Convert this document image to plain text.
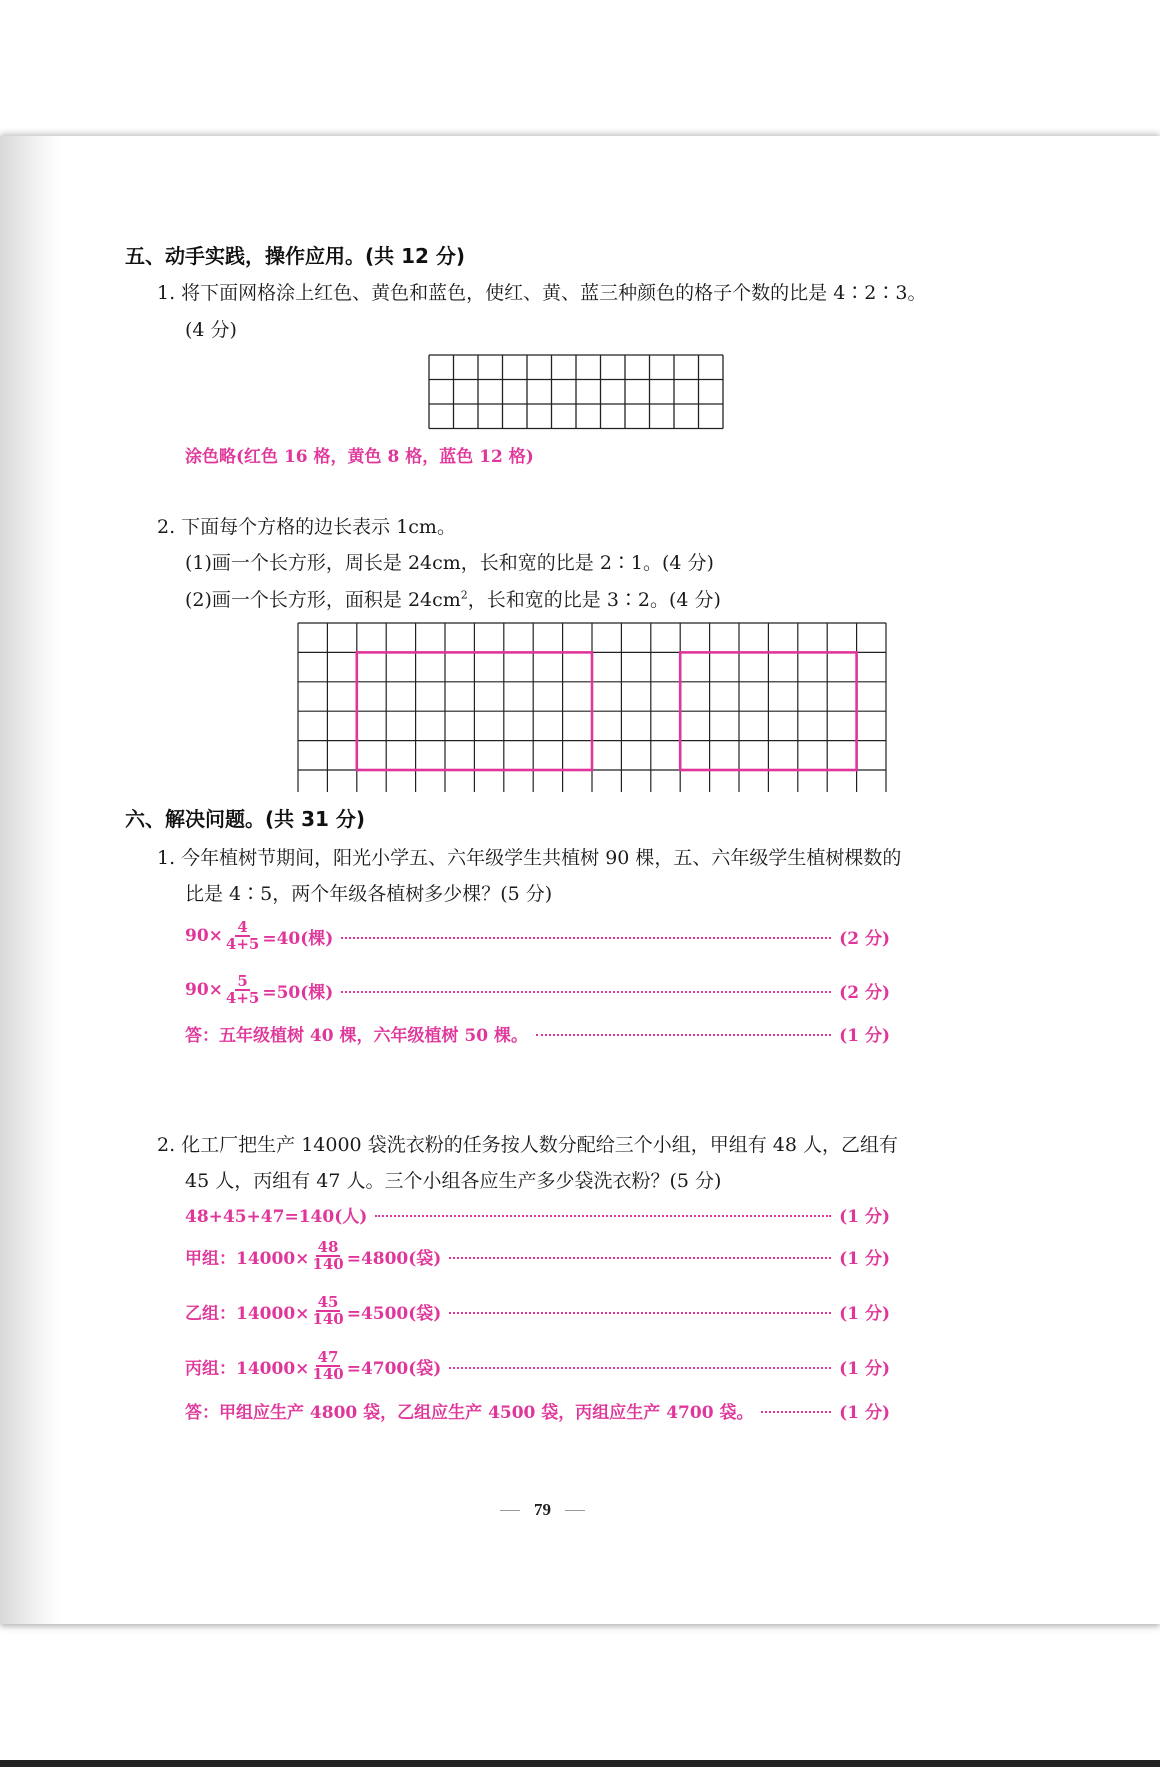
五、动手实践，操作应用。(共 12 分)
1. 将下面网格涂上红色、黄色和蓝色，使红、黄、蓝三种颜色的格子个数的比是 4∶2∶3。
(4 分)
涂色略(红色 16 格，黄色 8 格，蓝色 12 格)
2. 下面每个方格的边长表示 1cm。
(1)画一个长方形，周长是 24cm，长和宽的比是 2∶1。(4 分)
(2)画一个长方形，面积是 $24cm^2$，长和宽的比是 3∶2。(4 分)
六、解决问题。(共 31 分)
1. 今年植树节期间，阳光小学五、六年级学生共植树 90 棵，五、六年级学生植树棵数的
比是 4∶5，两个年级各植树多少棵？(5 分)
$90\times \frac{4}{4+5} =40$(棵)	(2 分)
$90\times \frac{5}{4+5} =50$(棵)	(2 分)
答：五年级植树 40 棵，六年级植树 50 棵。	(1 分)
2. 化工厂把生产 14000 袋洗衣粉的任务按人数分配给三个小组，甲组有 48 人，乙组有
45 人，丙组有 47 人。三个小组各应生产多少袋洗衣粉？(5 分)
48+45+47=140(人)	(1 分)
甲组：$14000\times \frac{48}{140} =4800$(袋)	(1 分)
乙组：$14000\times \frac{45}{140} =4500$(袋)	(1 分)
丙组：$14000\times \frac{47}{140} =4700$(袋)	(1 分)
答：甲组应生产 4800 袋，乙组应生产 4500 袋，丙组应生产 4700 袋。	(1 分)
79
